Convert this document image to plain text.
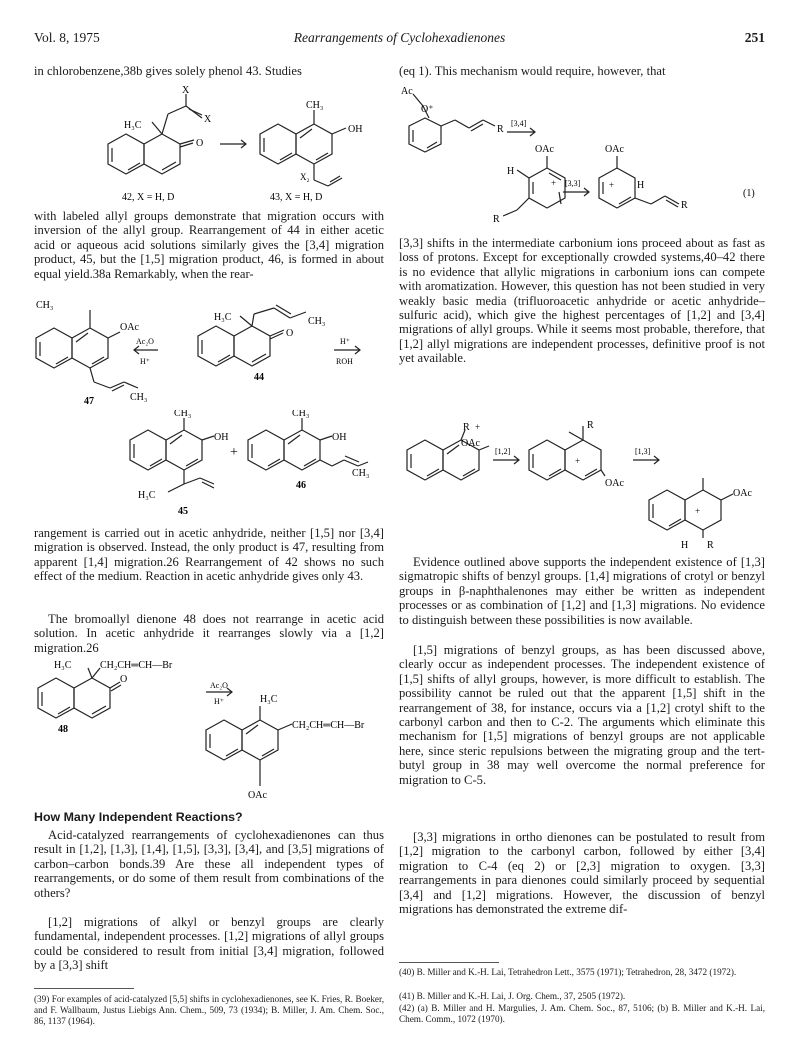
Vol. 8, 1975	Rearrangements of Cyclohexadienones	251

in chlorobenzene,38b gives solely phenol 43. Studies

X
X
H₃C
O
CH₃
OH
X₂
42, X = H, D	43, X = H, D

with labeled allyl groups demonstrate that migration occurs with inversion of the allyl group. Rearrangement of 44 in either acetic acid or aqueous acid solutions similarly gives the [3,4] migration product, 45, but the [1,5] migration product, 46, is formed in about equal yield.38a Remarkably, when the rear-

CH₃
OAc
CH₃
H₃C
O
CH₃
Ac₂O
H⁺
H⁺
ROH
44
47
CH₃
OH
+
CH₃
OH
CH₃
H₃C
45
46

rangement is carried out in acetic anhydride, neither [1,5] nor [3,4] migration is observed. Instead, the only product is 47, resulting from apparent [1,4] migration.26 Rearrangement of 42 shows no such effect of the medium. Reaction in acetic anhydride gives only 43.

The bromoallyl dienone 48 does not rearrange in acetic acid solution. In acetic anhydride it rearranges slowly via a [1,2] migration.26

H₃C	CH₂CH═CH—Br
O
Ac₂O
H⁺
48
H₃C
CH₂CH═CH—Br
OAc

How Many Independent Reactions?

Acid-catalyzed rearrangements of cyclohexadienones can thus result in [1,2], [1,3], [1,4], [1,5], [3,3], [3,4], and [3,5] migrations of carbon–carbon bonds.39 Are these all independent types of rearrangements, or do some of them result from combinations of the others?

[1,2] migrations of alkyl or benzyl groups are clearly fundamental, independent processes. [1,2] migrations of allyl groups could be considered to result from initial [3,4] migration, followed by a [3,3] shift

(39) For examples of acid-catalyzed [5,5] shifts in cyclohexadienones, see K. Fries, R. Boeker, and F. Wallbaum, Justus Liebigs Ann. Chem., 509, 73 (1934); B. Miller, J. Am. Chem. Soc., 86, 1137 (1964).

(eq 1). This mechanism would require, however, that

Ac
O⁺
R
[3,4]
OAc	OAc
H
R
[3,3]	H
R
+	+
(1)

[3,3] shifts in the intermediate carbonium ions proceed about as fast as loss of protons. Except for exceptionally crowded systems,40–42 there is no evidence that allylic migrations in carbonium ions can compete with aromatization. However, this question has not been studied in very weakly basic media (trifluoroacetic anhydride or acetic anhydride–sulfuric acid), which give the highest percentages of [1,2] and [3,4] migrations of allyl groups. While it seems most probable, therefore, that [1,2] allyl migrations are independent processes, definitive proof is not yet available.

R +
OAc
[1,2]
R
+
OAc
[1,3]
OAc
+
H R

Evidence outlined above supports the independent existence of [1,3] sigmatropic shifts of benzyl groups. [1,4] migrations of crotyl or benzyl groups in β-naphthalenones may either be written as independent processes or as combination of [1,2] and [1,3] migrations. No evidence to distinguish between these possibilities is now available.

[1,5] migrations of benzyl groups, as has been discussed above, clearly occur as independent processes. The independent existence of [1,5] shifts of allyl groups, however, is more difficult to establish. The possibility cannot be ruled out that the apparent [1,5] shift in the rearrangement of 38, for instance, occurs via a [1,2] crotyl shift to the carbonyl carbon and then to C-2. The arguments which eliminate this mechanism for [1,5] migrations of benzyl groups are not applicable here, since steric repulsions between the migrating group and the tert-butyl group in 38 may well overcome the normal preference for migration to C-5.

[3,3] migrations in ortho dienones can be postulated to result from [1,2] migration to the carbonyl carbon, followed by either [3,4] migration to C-4 (eq 2) or [2,3] migration to oxygen. [3,3] rearrangements in para dienones could similarly proceed by sequential [3,4] and [1,2] migrations. However, the discussion of benzyl migrations has demonstrated the extreme dif-

(40) B. Miller and K.-H. Lai, Tetrahedron Lett., 3575 (1971); Tetrahedron, 28, 3472 (1972).

(41) B. Miller and K.-H. Lai, J. Org. Chem., 37, 2505 (1972).

(42) (a) B. Miller and H. Margulies, J. Am. Chem. Soc., 87, 5106; (b) B. Miller and K.-H. Lai, Chem. Comm., 1072 (1970).
